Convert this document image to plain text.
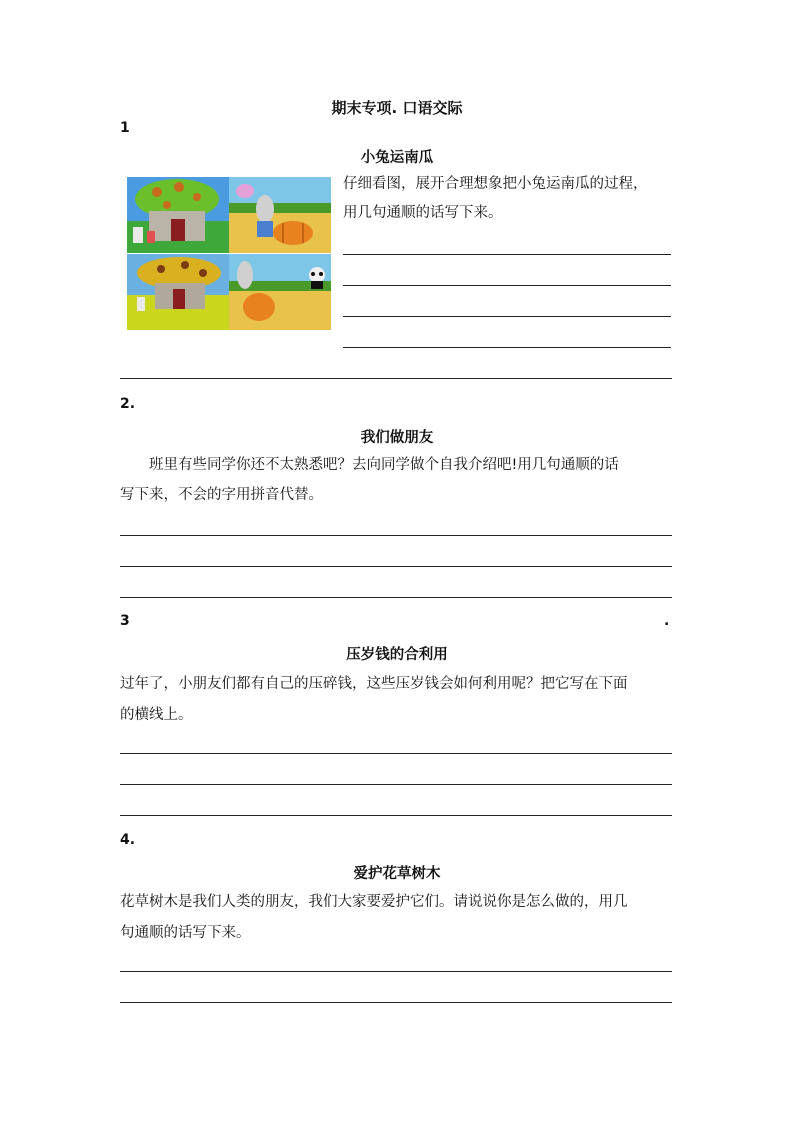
期末专项. 口语交际
1
小兔运南瓜
仔细看图，展开合理想象把小兔运南瓜的过程，
用几句通顺的话写下来。
2.
我们做朋友
　　班里有些同学你还不太熟悉吧？去向同学做个自我介绍吧!用几句通顺的话
写下来，不会的字用拼音代替。
3	.
压岁钱的合利用
过年了，小朋友们都有自己的压碎钱，这些压岁钱会如何利用呢？把它写在下面
的横线上。
4.
爱护花草树木
花草树木是我们人类的朋友，我们大家要爱护它们。请说说你是怎么做的，用几
句通顺的话写下来。
